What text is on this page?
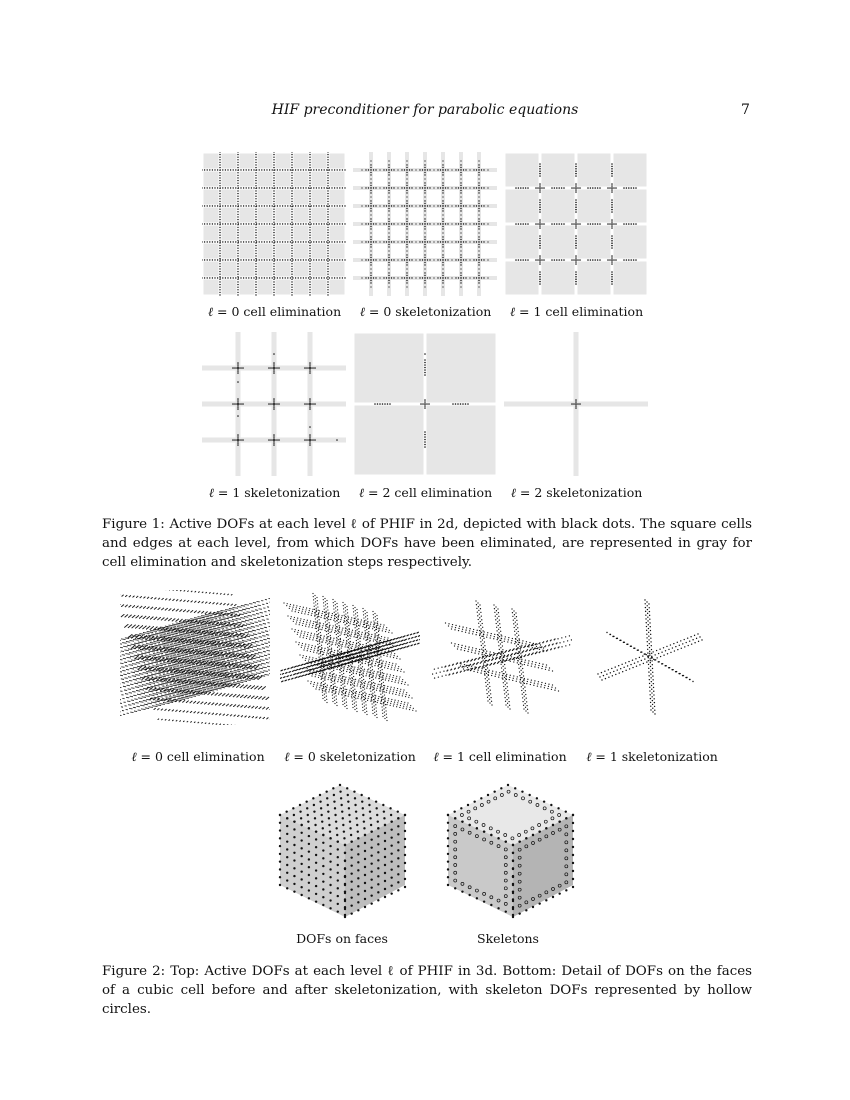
HIF preconditioner for parabolic equations	7
ℓ = 0 cell elimination	ℓ = 0 skeletonization	ℓ = 1 cell elimination
ℓ = 1 skeletonization	ℓ = 2 cell elimination	ℓ = 2 skeletonization
Figure 1: Active DOFs at each level ℓ of PHIF in 2d, depicted with black dots. The square cells and edges at each level, from which DOFs have been eliminated, are represented in gray for cell elimination and skeletonization steps respectively.
ℓ = 0 cell elimination	ℓ = 0 skeletonization	ℓ = 1 cell elimination	ℓ = 1 skeletonization
DOFs on faces	Skeletons
Figure 2: Top: Active DOFs at each level ℓ of PHIF in 3d. Bottom: Detail of DOFs on the faces of a cubic cell before and after skeletonization, with skeleton DOFs represented by hollow circles.
